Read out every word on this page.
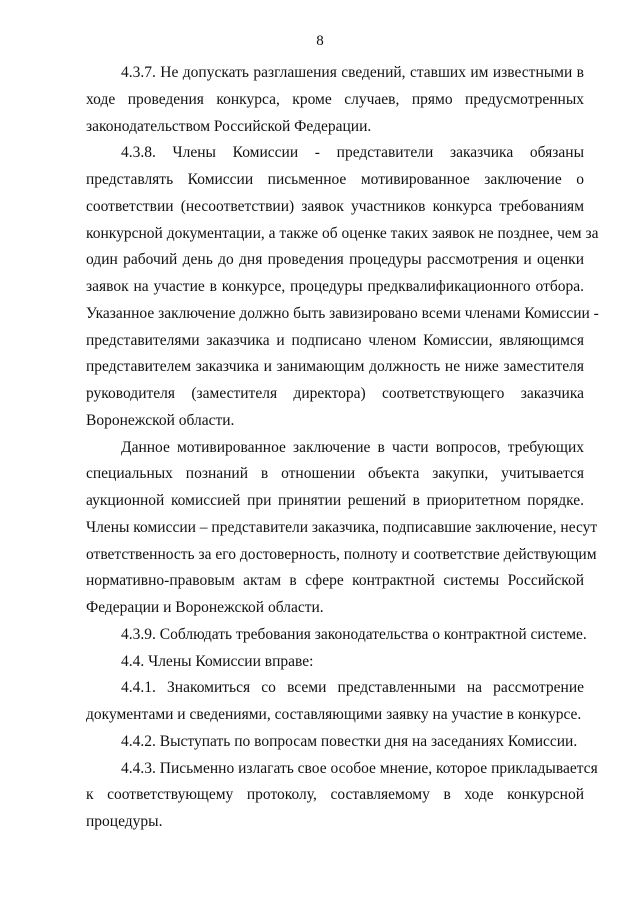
8
4.3.7. Не допускать разглашения сведений, ставших им известными в
ходе проведения конкурса, кроме случаев, прямо предусмотренных
законодательством Российской Федерации.
4.3.8. Члены Комиссии - представители заказчика обязаны
представлять Комиссии письменное мотивированное заключение о
соответствии (несоответствии) заявок участников конкурса требованиям
конкурсной документации, а также об оценке таких заявок не позднее, чем за
один рабочий день до дня проведения процедуры рассмотрения и оценки
заявок на участие в конкурсе, процедуры предквалификационного отбора.
Указанное заключение должно быть завизировано всеми членами Комиссии -
представителями заказчика и подписано членом Комиссии, являющимся
представителем заказчика и занимающим должность не ниже заместителя
руководителя (заместителя директора) соответствующего заказчика
Воронежской области.
Данное мотивированное заключение в части вопросов, требующих
специальных познаний в отношении объекта закупки, учитывается
аукционной комиссией при принятии решений в приоритетном порядке.
Члены комиссии – представители заказчика, подписавшие заключение, несут
ответственность за его достоверность, полноту и соответствие действующим
нормативно-правовым актам в сфере контрактной системы Российской
Федерации и Воронежской области.
4.3.9. Соблюдать требования законодательства о контрактной системе.
4.4. Члены Комиссии вправе:
4.4.1. Знакомиться со всеми представленными на рассмотрение
документами и сведениями, составляющими заявку на участие в конкурсе.
4.4.2. Выступать по вопросам повестки дня на заседаниях Комиссии.
4.4.3. Письменно излагать свое особое мнение, которое прикладывается
к соответствующему протоколу, составляемому в ходе конкурсной
процедуры.
